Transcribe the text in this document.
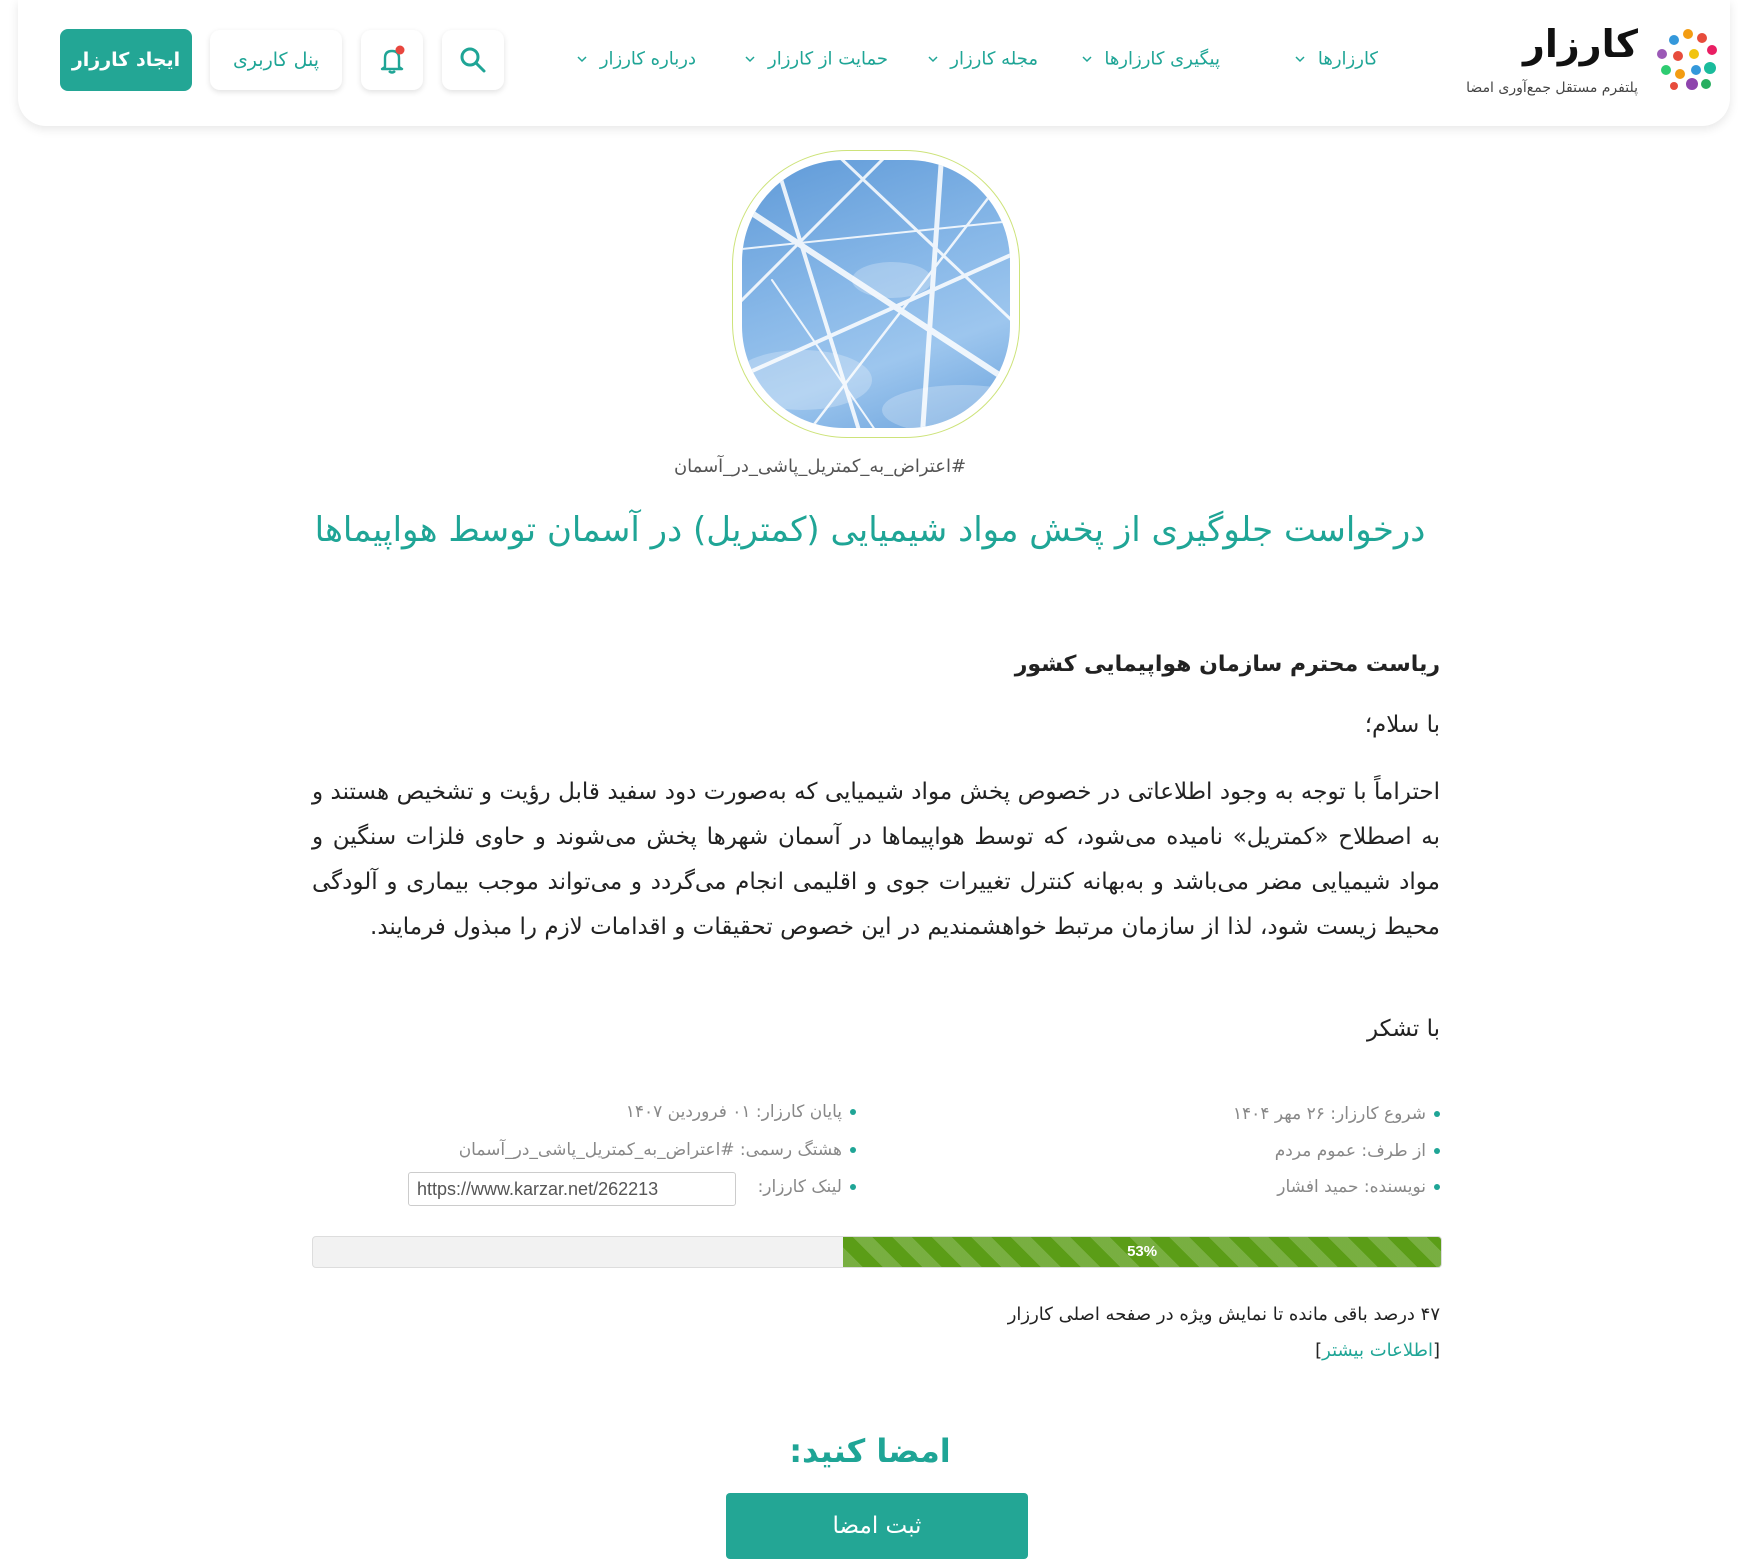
کارزار
پلتفرم مستقل جمع‌آوری امضا
کارزارها
پیگیری کارزارها
مجله کارزار
حمایت از کارزار
درباره کارزار
پنل کاربری
ایجاد کارزار
#اعتراض_به_کمتریل_پاشی_در_آسمان
درخواست جلوگیری از پخش مواد شیمیایی (کمتریل) در آسمان توسط هواپیماها
ریاست محترم سازمان هواپیمایی کشور
با سلام؛
احتراماً با توجه به وجود اطلاعاتی در خصوص پخش مواد شیمیایی که به‌صورت دود سفید قابل رؤیت و تشخیص هستند و به اصطلاح «کمتریل» نامیده می‌شود، که توسط هواپیماها در آسمان شهرها پخش می‌شوند و حاوی فلزات سنگین و مواد شیمیایی مضر می‌باشد و به‌بهانه کنترل تغییرات جوی و اقلیمی انجام می‌گردد و می‌تواند موجب بیماری و آلودگی محیط زیست شود، لذا از سازمان مرتبط خواهشمندیم در این خصوص تحقیقات و اقدامات لازم را مبذول فرمایند.
با تشکر
شروع کارزار: ۲۶ مهر ۱۴۰۴
از طرف: عموم مردم
نویسنده: حمید افشار
پایان کارزار: ۰۱ فروردین ۱۴۰۷
هشتگ رسمی: #اعتراض_به_کمتریل_پاشی_در_آسمان
لینک کارزار:
https://www.karzar.net/262213
53%
۴۷ درصد باقی مانده تا نمایش ویژه در صفحه اصلی کارزار
[اطلاعات بیشتر]
امضا کنید:
ثبت امضا
